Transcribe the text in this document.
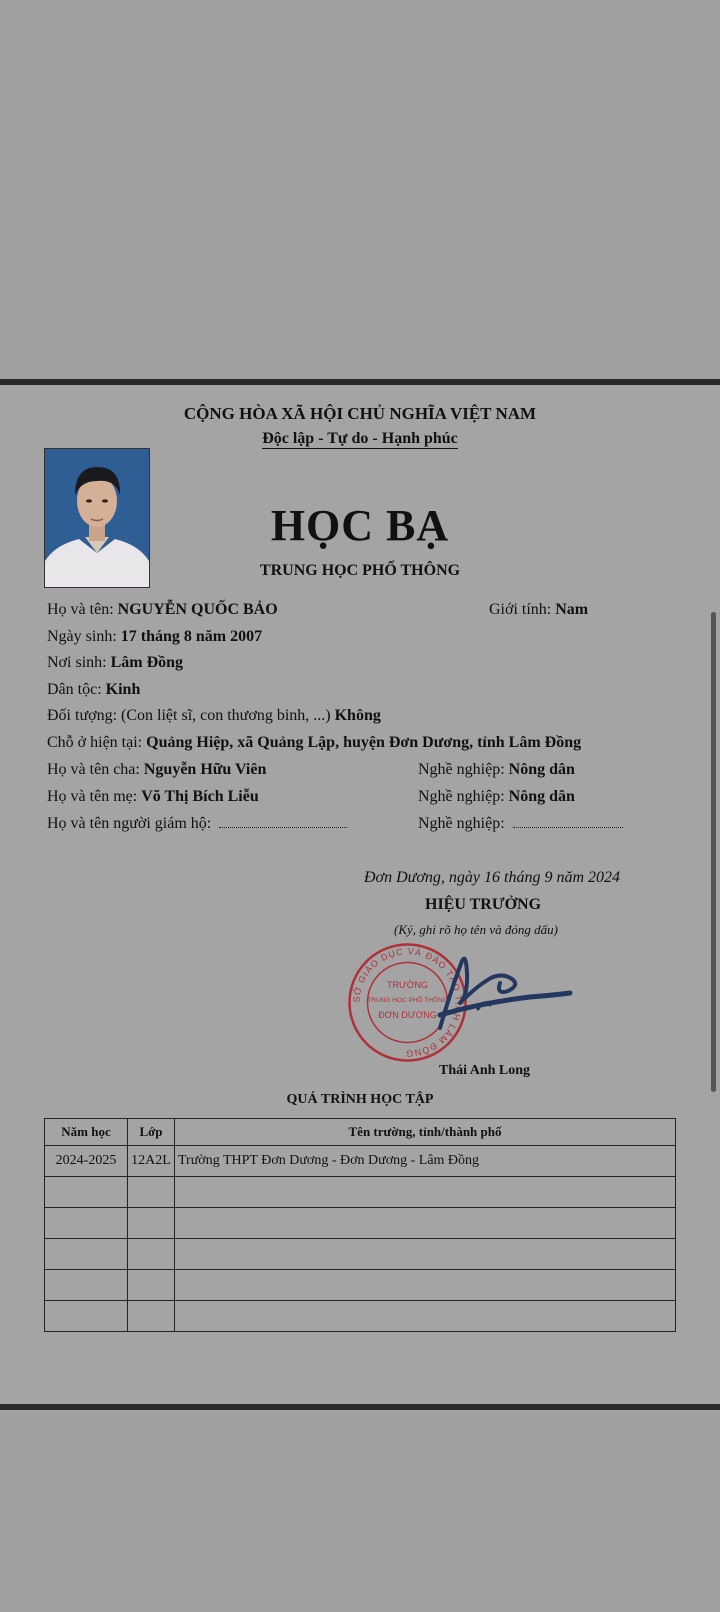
CỘNG HÒA XÃ HỘI CHỦ NGHĨA VIỆT NAM
Độc lập - Tự do - Hạnh phúc
HỌC BẠ
TRUNG HỌC PHỔ THÔNG
Họ và tên: NGUYỄN QUỐC BẢO	Giới tính: Nam
Ngày sinh: 17 tháng 8 năm 2007
Nơi sinh: Lâm Đồng
Dân tộc: Kinh
Đối tượng: (Con liệt sĩ, con thương binh, ...) Không
Chỗ ở hiện tại: Quảng Hiệp, xã Quảng Lập, huyện Đơn Dương, tỉnh Lâm Đồng
Họ và tên cha: Nguyễn Hữu Viên	Nghề nghiệp: Nông dân
Họ và tên mẹ: Võ Thị Bích Liễu	Nghề nghiệp: Nông dân
Họ và tên người giám hộ:	Nghề nghiệp:
Đơn Dương, ngày 16 tháng 9 năm 2024
HIỆU TRƯỞNG
(Ký, ghi rõ họ tên và đóng dấu)
SỞ GIÁO DỤC VÀ ĐÀO TẠO TỈNH LÂM ĐỒNG
TRƯỜNG
TRUNG HỌC PHỔ THÔNG
ĐƠN DƯƠNG
Thái Anh Long
QUÁ TRÌNH HỌC TẬP
Năm học	Lớp	Tên trường, tỉnh/thành phố
2024-2025	12A2L	Trường THPT Đơn Dương - Đơn Dương - Lâm Đồng
